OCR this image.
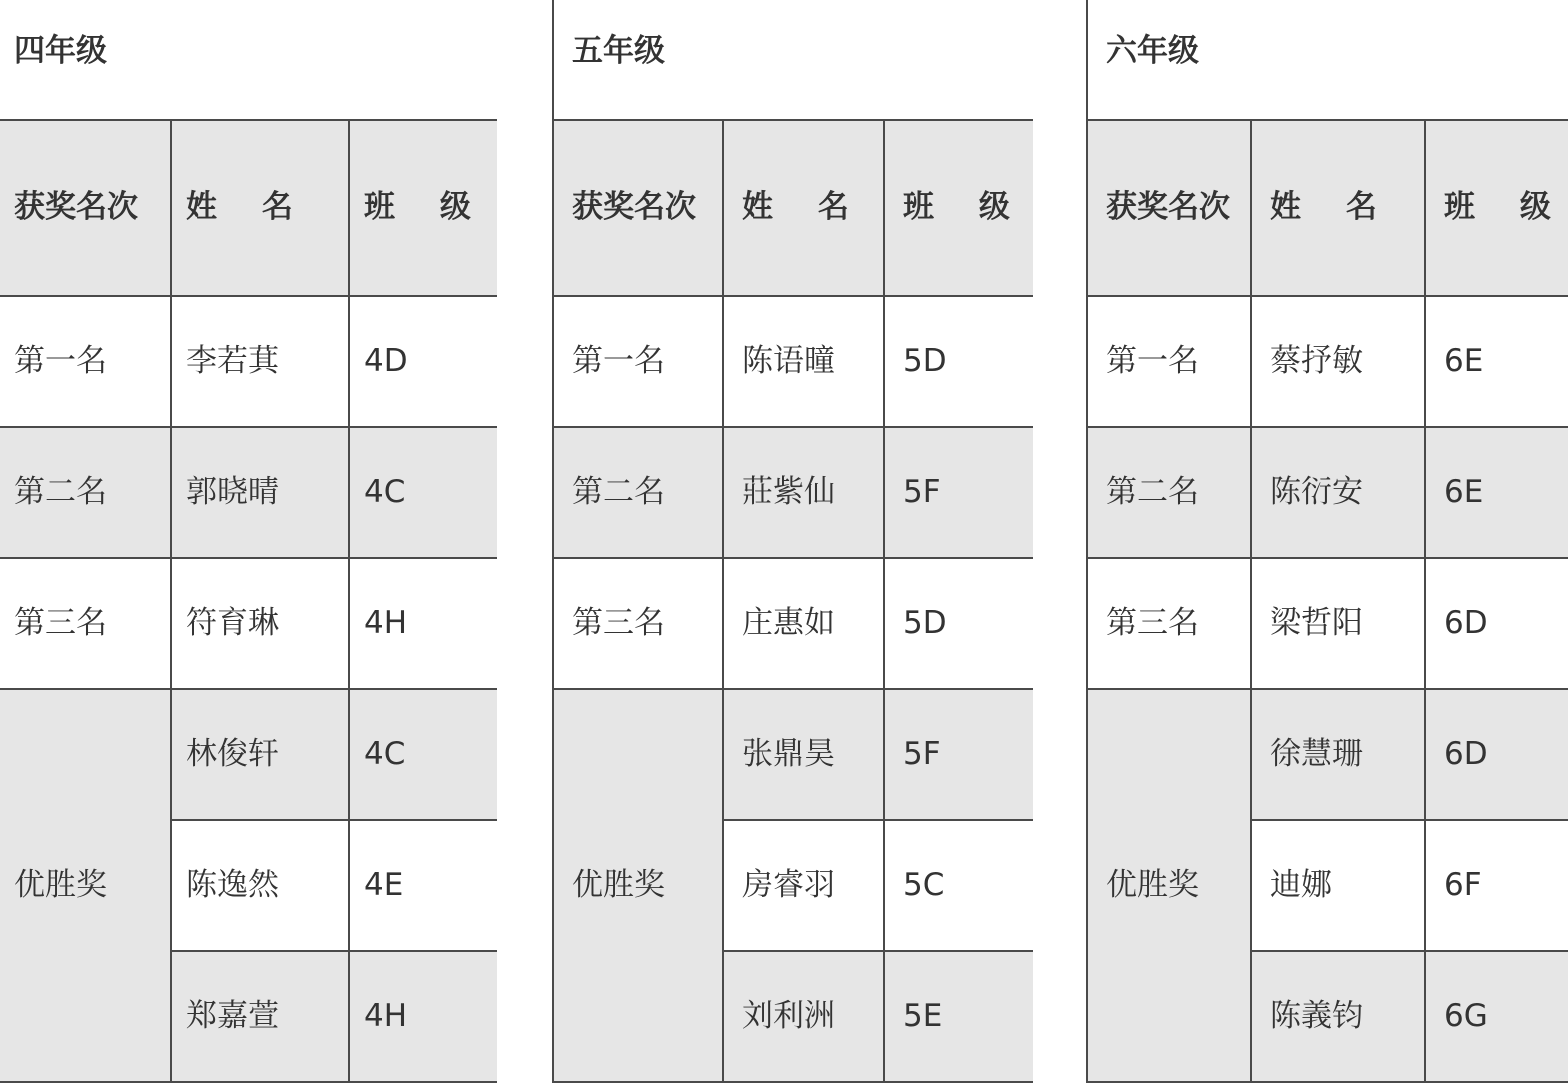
四年级		
获奖名次	姓 名	班 级
第一名	李若萁	4D
第二名	郭晓晴	4C
第三名	符育琳	4H
优胜奖	林俊轩	4C
	陈逸然	4E
	郑嘉萱	4H
五年级		
获奖名次	姓 名	班 级
第一名	陈语曈	5D
第二名	莊紫仙	5F
第三名	庄惠如	5D
优胜奖	张鼎昊	5F
	房睿羽	5C
	刘利洲	5E
六年级		
获奖名次	姓 名	班 级
第一名	蔡抒敏	6E
第二名	陈衍安	6E
第三名	梁哲阳	6D
优胜奖	徐慧珊	6D
	迪娜	6F
	陈義钧	6G
